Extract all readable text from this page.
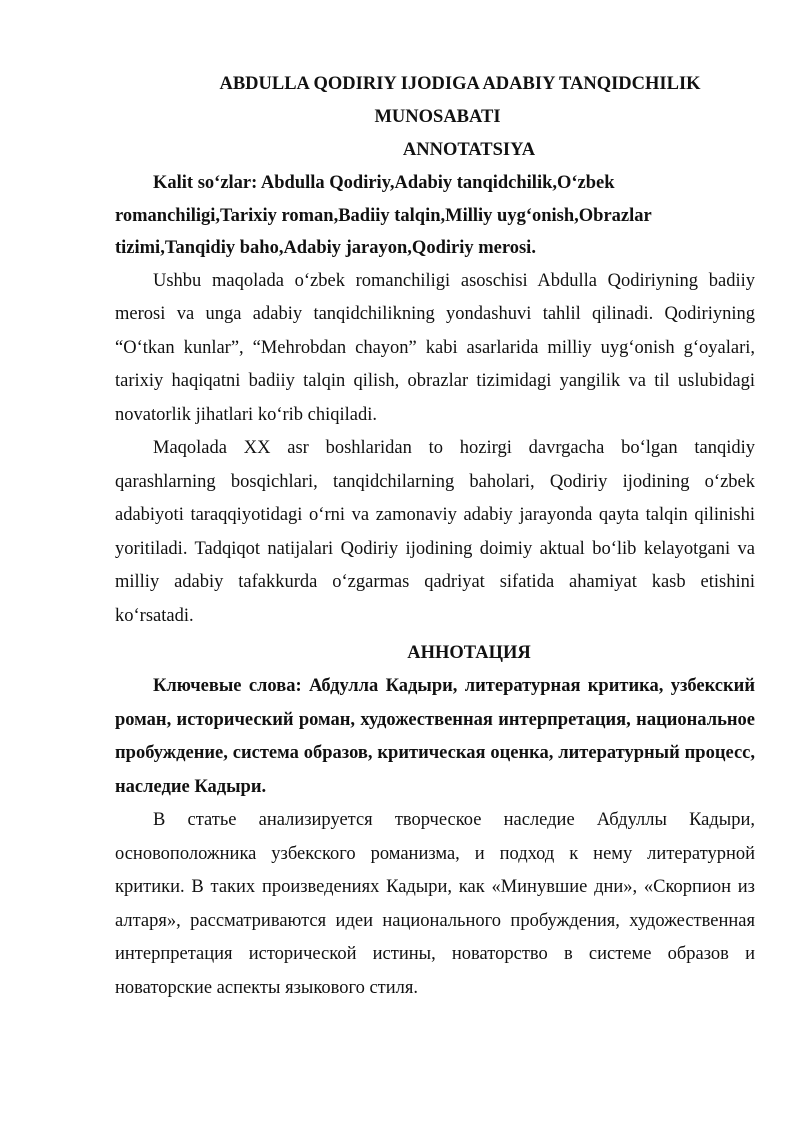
ABDULLA QODIRIY IJODIGA ADABIY TANQIDCHILIK

MUNOSABATI

ANNOTATSIYA

Kalit so‘zlar: Abdulla Qodiriy,Adabiy tanqidchilik,O‘zbek romanchiligi,Tarixiy roman,Badiiy talqin,Milliy uyg‘onish,Obrazlar tizimi,Tanqidiy baho,Adabiy jarayon,Qodiriy merosi.

Ushbu maqolada o‘zbek romanchiligi asoschisi Abdulla Qodiriyning badiiy merosi va unga adabiy tanqidchilikning yondashuvi tahlil qilinadi. Qodiriyning “O‘tkan kunlar”, “Mehrobdan chayon” kabi asarlarida milliy uyg‘onish g‘oyalari, tarixiy haqiqatni badiiy talqin qilish, obrazlar tizimidagi yangilik va til uslubidagi novatorlik jihatlari ko‘rib chiqiladi.

Maqolada XX asr boshlaridan to hozirgi davrgacha bo‘lgan tanqidiy qarashlarning bosqichlari, tanqidchilarning baholari, Qodiriy ijodining o‘zbek adabiyoti taraqqiyotidagi o‘rni va zamonaviy adabiy jarayonda qayta talqin qilinishi yoritiladi. Tadqiqot natijalari Qodiriy ijodining doimiy aktual bo‘lib kelayotgani va milliy adabiy tafakkurda o‘zgarmas qadriyat sifatida ahamiyat kasb etishini ko‘rsatadi.

АННОТАЦИЯ

Ключевые слова: Абдулла Кадыри, литературная критика, узбекский роман, исторический роман, художественная интерпретация, национальное пробуждение, система образов, критическая оценка, литературный процесс, наследие Кадыри.

В статье анализируется творческое наследие Абдуллы Кадыри, основоположника узбекского романизма, и подход к нему литературной критики. В таких произведениях Кадыри, как «Минувшие дни», «Скорпион из алтаря», рассматриваются идеи национального пробуждения, художественная интерпретация исторической истины, новаторство в системе образов и новаторские аспекты языкового стиля.
